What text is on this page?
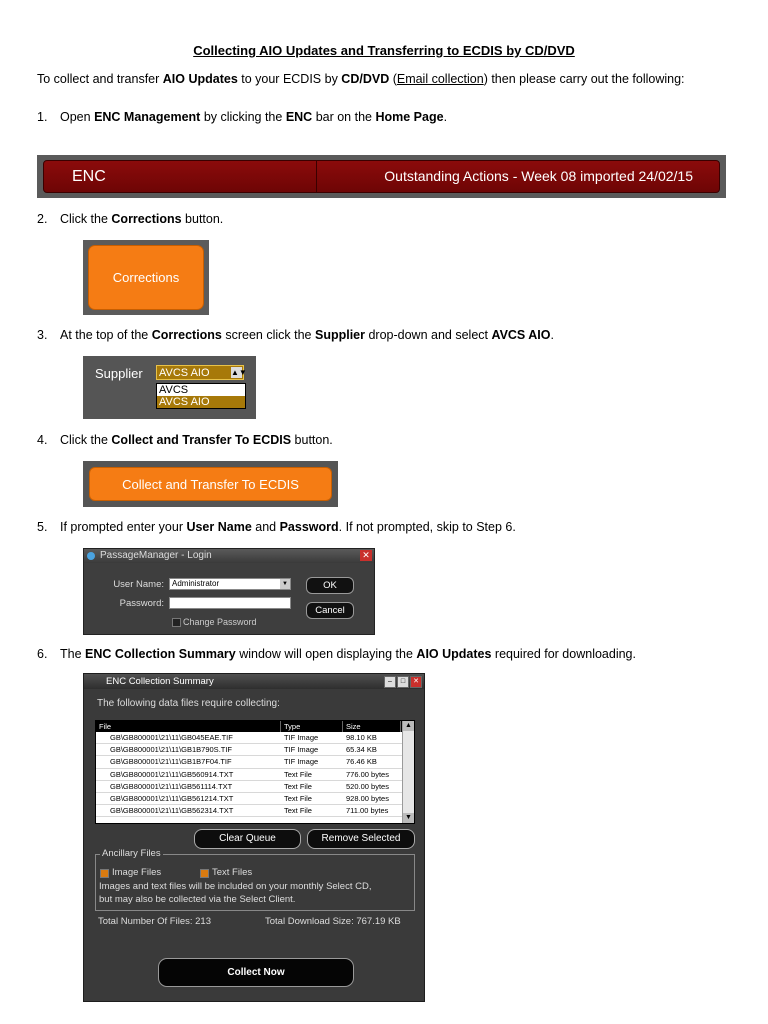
Collecting AIO Updates and Transferring to ECDIS by CD/DVD
To collect and transfer AIO Updates to your ECDIS by CD/DVD (Email collection) then please carry out the following:
1. Open ENC Management by clicking the ENC bar on the Home Page.
ENC	Outstanding Actions - Week 08 imported 24/02/15
2. Click the Corrections button.
Corrections
3. At the top of the Corrections screen click the Supplier drop-down and select AVCS AIO.
Supplier AVCS AIO	▲▼
AVCS
AVCS AIO
4. Click the Collect and Transfer To ECDIS button.
Collect and Transfer To ECDIS
5. If prompted enter your User Name and Password. If not prompted, skip to Step 6.
PassageManager - Login	✕
User Name:	Administrator	▼
Password:
OK
Cancel
Change Password
6. The ENC Collection Summary window will open displaying the AIO Updates required for downloading.
ENC Collection Summary	–	□	✕
The following data files require collecting:
File	Type	Size
GB\GB800001\21\11\GB045EAE.TIF	TIF Image	98.10 KB
GB\GB800001\21\11\GB1B790S.TIF	TIF Image	65.34 KB
GB\GB800001\21\11\GB1B7F04.TIF	TIF Image	76.46 KB
GB\GB800001\21\11\GB560914.TXT	Text File	776.00 bytes
GB\GB800001\21\11\GB561114.TXT	Text File	520.00 bytes
GB\GB800001\21\11\GB561214.TXT	Text File	928.00 bytes
GB\GB800001\21\11\GB562314.TXT	Text File	711.00 bytes
▲
▼
Clear Queue	Remove Selected
Ancillary Files
Image Files	Text Files
Images and text files will be included on your monthly Select CD,
but may also be collected via the Select Client.
Total Number Of Files: 213	Total Download Size: 767.19 KB
Collect Now
